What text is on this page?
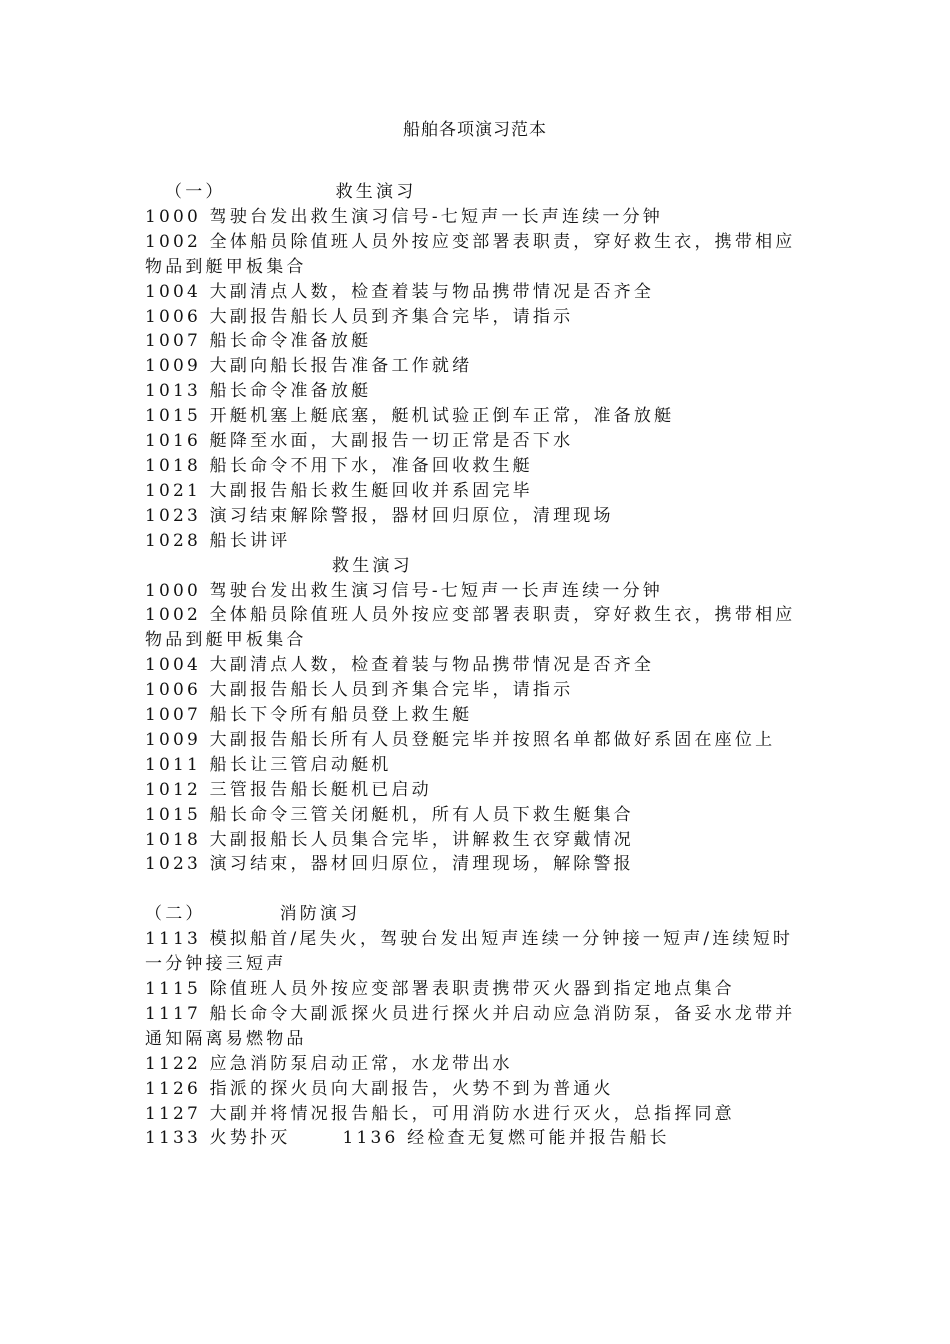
船舶各项演习范本
（一）	救生演习
1000 驾驶台发出救生演习信号-七短声一长声连续一分钟
1002 全体船员除值班人员外按应变部署表职责，穿好救生衣，携带相应物品到艇甲板集合
1004 大副清点人数，检查着装与物品携带情况是否齐全
1006 大副报告船长人员到齐集合完毕，请指示
1007 船长命令准备放艇
1009 大副向船长报告准备工作就绪
1013 船长命令准备放艇
1015 开艇机塞上艇底塞，艇机试验正倒车正常，准备放艇
1016 艇降至水面，大副报告一切正常是否下水
1018 船长命令不用下水，准备回收救生艇
1021 大副报告船长救生艇回收并系固完毕
1023 演习结束解除警报，器材回归原位，清理现场
1028 船长讲评
救生演习
1000 驾驶台发出救生演习信号-七短声一长声连续一分钟
1002 全体船员除值班人员外按应变部署表职责，穿好救生衣，携带相应物品到艇甲板集合
1004 大副清点人数，检查着装与物品携带情况是否齐全
1006 大副报告船长人员到齐集合完毕，请指示
1007 船长下令所有船员登上救生艇
1009 大副报告船长所有人员登艇完毕并按照名单都做好系固在座位上
1011 船长让三管启动艇机
1012 三管报告船长艇机已启动
1015 船长命令三管关闭艇机，所有人员下救生艇集合
1018 大副报船长人员集合完毕，讲解救生衣穿戴情况
1023 演习结束，器材回归原位，清理现场，解除警报
（二）	消防演习
1113 模拟船首/尾失火，驾驶台发出短声连续一分钟接一短声/连续短时一分钟接三短声
1115 除值班人员外按应变部署表职责携带灭火器到指定地点集合
1117 船长命令大副派探火员进行探火并启动应急消防泵，备妥水龙带并通知隔离易燃物品
1122 应急消防泵启动正常，水龙带出水
1126 指派的探火员向大副报告，火势不到为普通火
1127 大副并将情况报告船长，可用消防水进行灭火，总指挥同意
1133 火势扑灭	1136 经检查无复燃可能并报告船长
